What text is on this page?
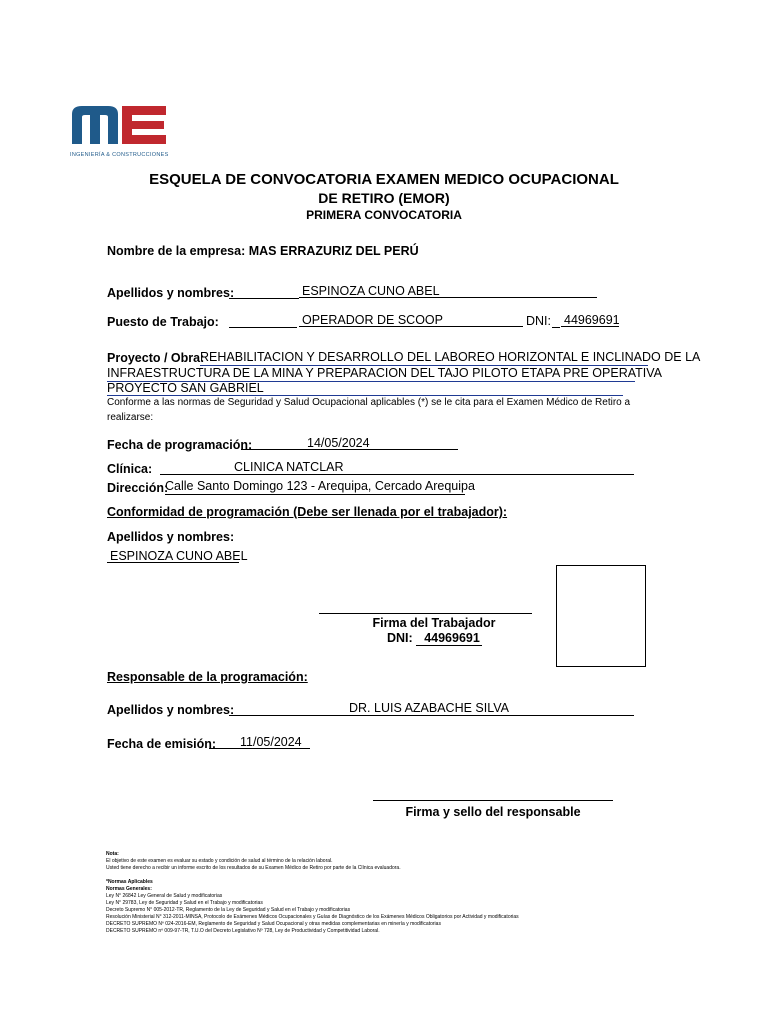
INGENIERÍA & CONSTRUCCIONES
ESQUELA DE CONVOCATORIA EXAMEN MEDICO OCUPACIONAL
DE RETIRO (EMOR)
PRIMERA CONVOCATORIA
Nombre de la empresa: MAS ERRAZURIZ DEL PERÚ
Apellidos y nombres:	ESPINOZA CUNO ABEL
Puesto de Trabajo:	OPERADOR DE SCOOP	DNI: 44969691
Proyecto / Obra:
REHABILITACION Y DESARROLLO DEL LABOREO HORIZONTAL E INCLINADO DE LA
INFRAESTRUCTURA DE LA MINA Y PREPARACION DEL TAJO PILOTO ETAPA PRE OPERATIVA
PROYECTO SAN GABRIEL
Conforme a las normas de Seguridad y Salud Ocupacional aplicables (*) se le cita para el Examen Médico de Retiro a
realizarse:
Fecha de programación:	14/05/2024
Clínica:	CLINICA NATCLAR
Dirección:
Calle Santo Domingo 123 - Arequipa, Cercado Arequipa
Conformidad de programación (Debe ser llenada por el trabajador):
Apellidos y nombres:
ESPINOZA CUNO ABEL
Firma del Trabajador
DNI: 44969691
Responsable de la programación:
Apellidos y nombres:	DR. LUIS AZABACHE SILVA
Fecha de emisión:	11/05/2024
Firma y sello del responsable
Nota:
El objetivo de este examen es evaluar su estado y condición de salud al término de la relación laboral.
Usted tiene derecho a recibir un informe escrito de los resultados de su Examen Médico de Retiro por parte de la Clínica evaluadora.
*Normas Aplicables
Normas Generales:
Ley N° 26842 Ley General de Salud y modificatorias
Ley N° 29783, Ley de Seguridad y Salud en el Trabajo y modificatorias
Decreto Supremo N° 005-2012-TR, Reglamento de la Ley de Seguridad y Salud en el Trabajo y modificatorias
Resolución Ministerial N° 312-2011-MINSA, Protocolo de Exámenes Médicos Ocupacionales y Guías de Diagnóstico de los Exámenes Médicos Obligatorios por Actividad y modificatorias
DECRETO SUPREMO Nº 024-2016-EM, Reglamento de Seguridad y Salud Ocupacional y otras medidas complementarias en minería y modificatorias
DECRETO SUPREMO nº 009-97-TR, T.U.O del Decreto Legislativo Nº 728, Ley de Productividad y Competitividad Laboral.
